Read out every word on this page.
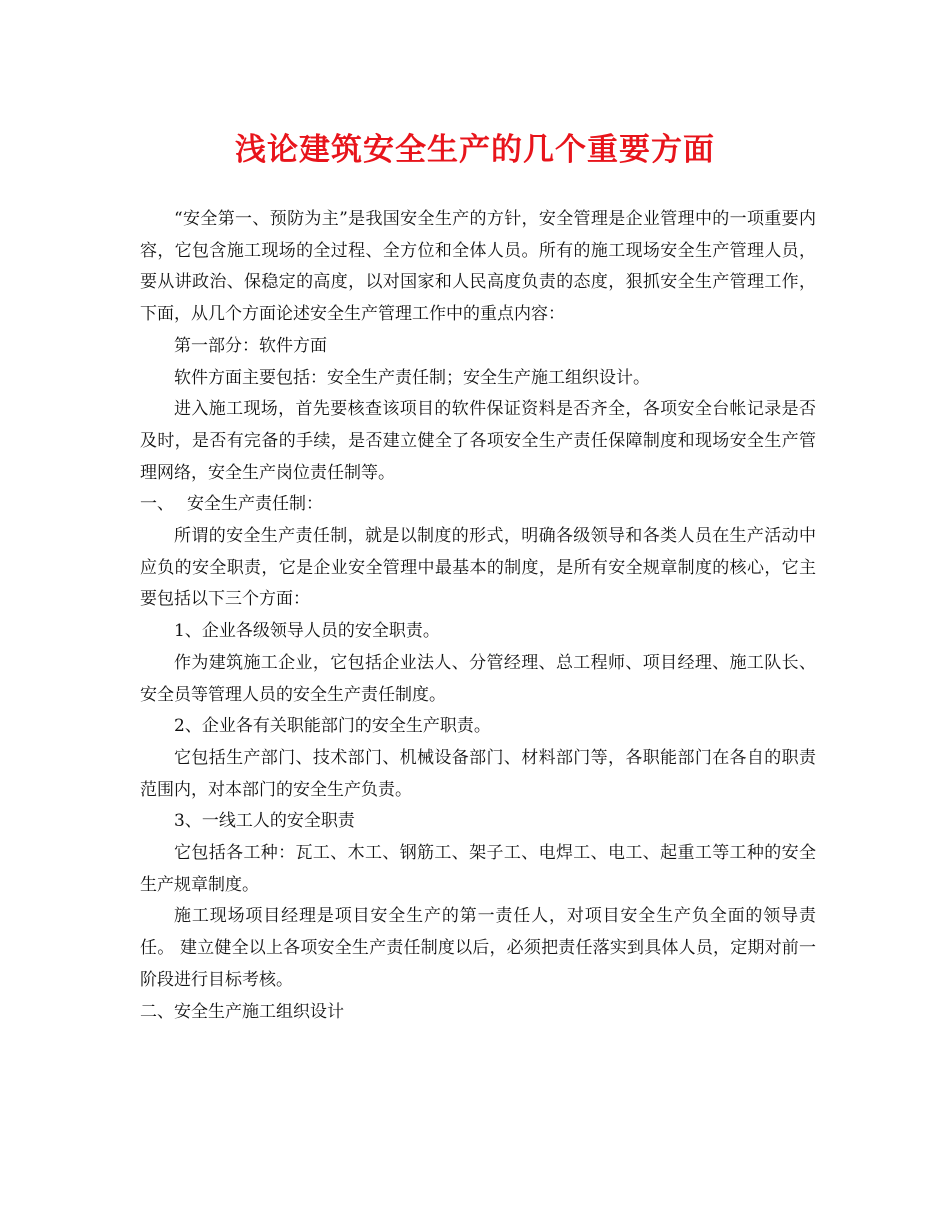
浅论建筑安全生产的几个重要方面

“安全第一、预防为主”是我国安全生产的方针，安全管理是企业管理中的一项重要内容，它包含施工现场的全过程、全方位和全体人员。所有的施工现场安全生产管理人员，要从讲政治、保稳定的高度，以对国家和人民高度负责的态度，狠抓安全生产管理工作，下面，从几个方面论述安全生产管理工作中的重点内容：

第一部分：软件方面

软件方面主要包括：安全生产责任制；安全生产施工组织设计。

进入施工现场，首先要核查该项目的软件保证资料是否齐全，各项安全台帐记录是否及时，是否有完备的手续，是否建立健全了各项安全生产责任保障制度和现场安全生产管理网络，安全生产岗位责任制等。

一、 安全生产责任制：

所谓的安全生产责任制，就是以制度的形式，明确各级领导和各类人员在生产活动中应负的安全职责，它是企业安全管理中最基本的制度，是所有安全规章制度的核心，它主要包括以下三个方面：

1、企业各级领导人员的安全职责。

作为建筑施工企业，它包括企业法人、分管经理、总工程师、项目经理、施工队长、安全员等管理人员的安全生产责任制度。

2、企业各有关职能部门的安全生产职责。

它包括生产部门、技术部门、机械设备部门、材料部门等，各职能部门在各自的职责范围内，对本部门的安全生产负责。

3、一线工人的安全职责

它包括各工种：瓦工、木工、钢筋工、架子工、电焊工、电工、起重工等工种的安全生产规章制度。

施工现场项目经理是项目安全生产的第一责任人，对项目安全生产负全面的领导责任。 建立健全以上各项安全生产责任制度以后，必须把责任落实到具体人员，定期对前一阶段进行目标考核。

二、安全生产施工组织设计
